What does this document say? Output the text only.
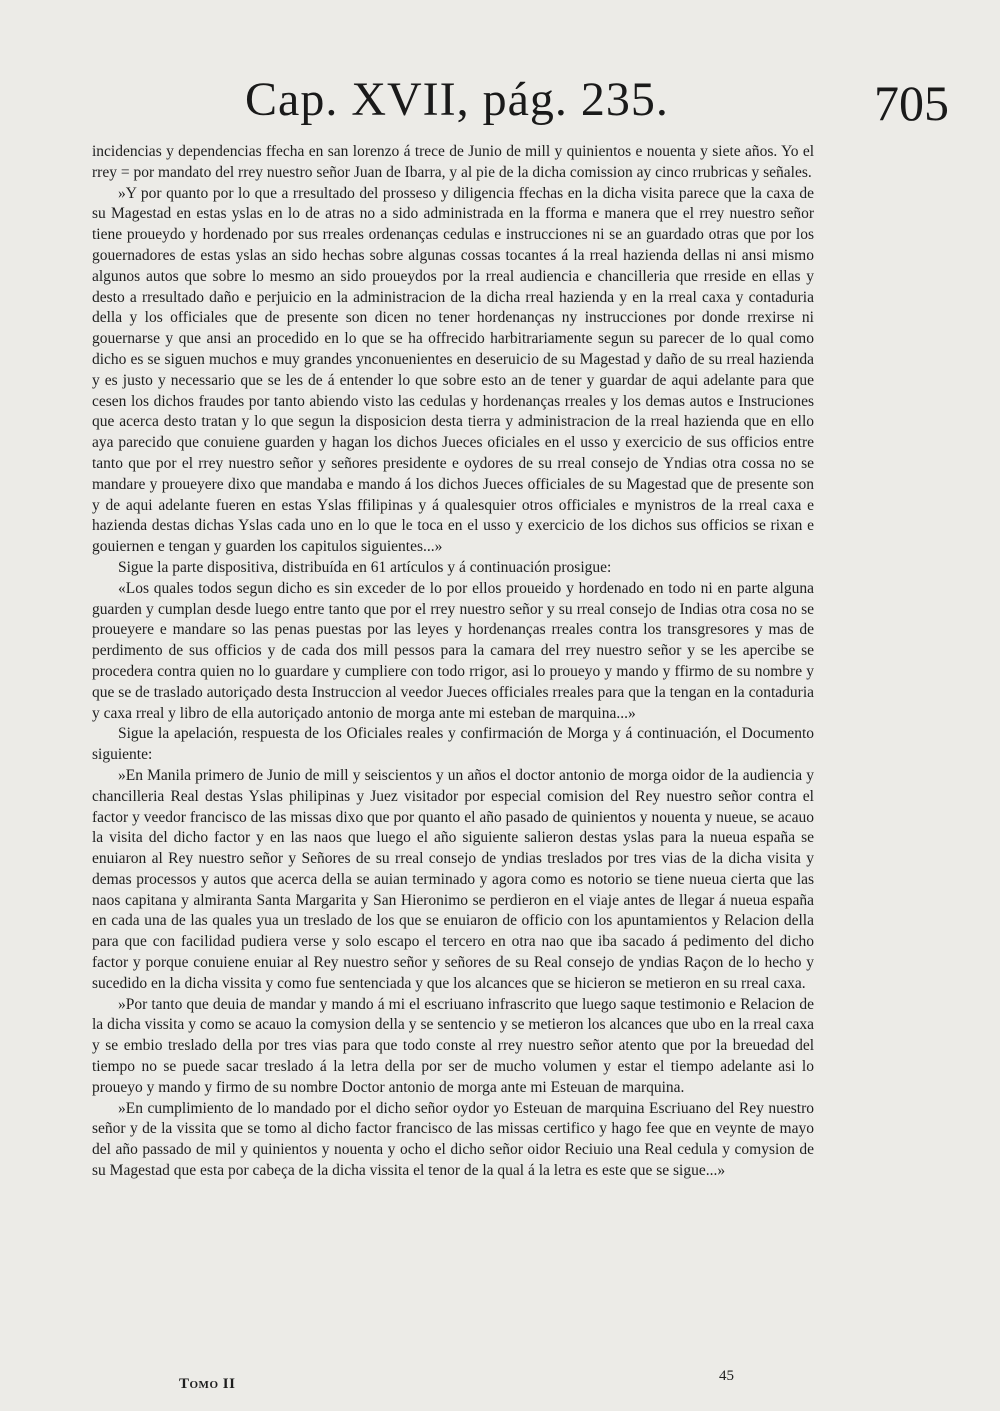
Cap. XVII, pág. 235.	705

incidencias y dependencias ffecha en san lorenzo á trece de Junio de mill y quinientos e nouenta y siete años. Yo el rrey = por mandato del rrey nuestro señor Juan de Ibarra, y al pie de la dicha comission ay cinco rrubricas y señales.

»Y por quanto por lo que a rresultado del prosseso y diligencia ffechas en la dicha visita parece que la caxa de su Magestad en estas yslas en lo de atras no a sido administrada en la fforma e manera que el rrey nuestro señor tiene proueydo y hordenado por sus rreales ordenanças cedulas e instrucciones ni se an guardado otras que por los gouernadores de estas yslas an sido hechas sobre algunas cossas tocantes á la rreal hazienda dellas ni ansi mismo algunos autos que sobre lo mesmo an sido proueydos por la rreal audiencia e chancilleria que rreside en ellas y desto a rresultado daño e perjuicio en la administracion de la dicha rreal hazienda y en la rreal caxa y contaduria della y los officiales que de presente son dicen no tener hordenanças ny instrucciones por donde rrexirse ni gouernarse y que ansi an procedido en lo que se ha offrecido harbitrariamente segun su parecer de lo qual como dicho es se siguen muchos e muy grandes ynconuenientes en deseruicio de su Magestad y daño de su rreal hazienda y es justo y necessario que se les de á entender lo que sobre esto an de tener y guardar de aqui adelante para que cesen los dichos fraudes por tanto abiendo visto las cedulas y hordenanças rreales y los demas autos e Instruciones que acerca desto tratan y lo que segun la disposicion desta tierra y administracion de la rreal hazienda que en ello aya parecido que conuiene guarden y hagan los dichos Jueces oficiales en el usso y exercicio de sus officios entre tanto que por el rrey nuestro señor y señores presidente e oydores de su rreal consejo de Yndias otra cossa no se mandare y proueyere dixo que mandaba e mando á los dichos Jueces officiales de su Magestad que de presente son y de aqui adelante fueren en estas Yslas ffilipinas y á qualesquier otros officiales e mynistros de la rreal caxa e hazienda destas dichas Yslas cada uno en lo que le toca en el usso y exercicio de los dichos sus officios se rixan e gouiernen e tengan y guarden los capitulos siguientes...»

Sigue la parte dispositiva, distribuída en 61 artículos y á continuación prosigue:

«Los quales todos segun dicho es sin exceder de lo por ellos proueido y hordenado en todo ni en parte alguna guarden y cumplan desde luego entre tanto que por el rrey nuestro señor y su rreal consejo de Indias otra cosa no se proueyere e mandare so las penas puestas por las leyes y hordenanças rreales contra los transgresores y mas de perdimento de sus officios y de cada dos mill pessos para la camara del rrey nuestro señor y se les apercibe se procedera contra quien no lo guardare y cumpliere con todo rrigor, asi lo proueyo y mando y ffirmo de su nombre y que se de traslado autoriçado desta Instruccion al veedor Jueces officiales rreales para que la tengan en la contaduria y caxa rreal y libro de ella autoriçado antonio de morga ante mi esteban de marquina...»

Sigue la apelación, respuesta de los Oficiales reales y confirmación de Morga y á continuación, el Documento siguiente:

»En Manila primero de Junio de mill y seiscientos y un años el doctor antonio de morga oidor de la audiencia y chancilleria Real destas Yslas philipinas y Juez visitador por especial comision del Rey nuestro señor contra el factor y veedor francisco de las missas dixo que por quanto el año pasado de quinientos y nouenta y nueue, se acauo la visita del dicho factor y en las naos que luego el año siguiente salieron destas yslas para la nueua españa se enuiaron al Rey nuestro señor y Señores de su rreal consejo de yndias treslados por tres vias de la dicha visita y demas processos y autos que acerca della se auian terminado y agora como es notorio se tiene nueua cierta que las naos capitana y almiranta Santa Margarita y San Hieronimo se perdieron en el viaje antes de llegar á nueua españa en cada una de las quales yua un treslado de los que se enuiaron de officio con los apuntamientos y Relacion della para que con facilidad pudiera verse y solo escapo el tercero en otra nao que iba sacado á pedimento del dicho factor y porque conuiene enuiar al Rey nuestro señor y señores de su Real consejo de yndias Raçon de lo hecho y sucedido en la dicha vissita y como fue sentenciada y que los alcances que se hicieron se metieron en su rreal caxa.

»Por tanto que deuia de mandar y mando á mi el escriuano infrascrito que luego saque testimonio e Relacion de la dicha vissita y como se acauo la comysion della y se sentencio y se metieron los alcances que ubo en la rreal caxa y se embio treslado della por tres vias para que todo conste al rrey nuestro señor atento que por la breuedad del tiempo no se puede sacar treslado á la letra della por ser de mucho volumen y estar el tiempo adelante asi lo proueyo y mando y firmo de su nombre Doctor antonio de morga ante mi Esteuan de marquina.

»En cumplimiento de lo mandado por el dicho señor oydor yo Esteuan de marquina Escriuano del Rey nuestro señor y de la vissita que se tomo al dicho factor francisco de las missas certifico y hago fee que en veynte de mayo del año passado de mil y quinientos y nouenta y ocho el dicho señor oidor Reciuio una Real cedula y comysion de su Magestad que esta por cabeça de la dicha vissita el tenor de la qual á la letra es este que se sigue...»

Tomo II	45
